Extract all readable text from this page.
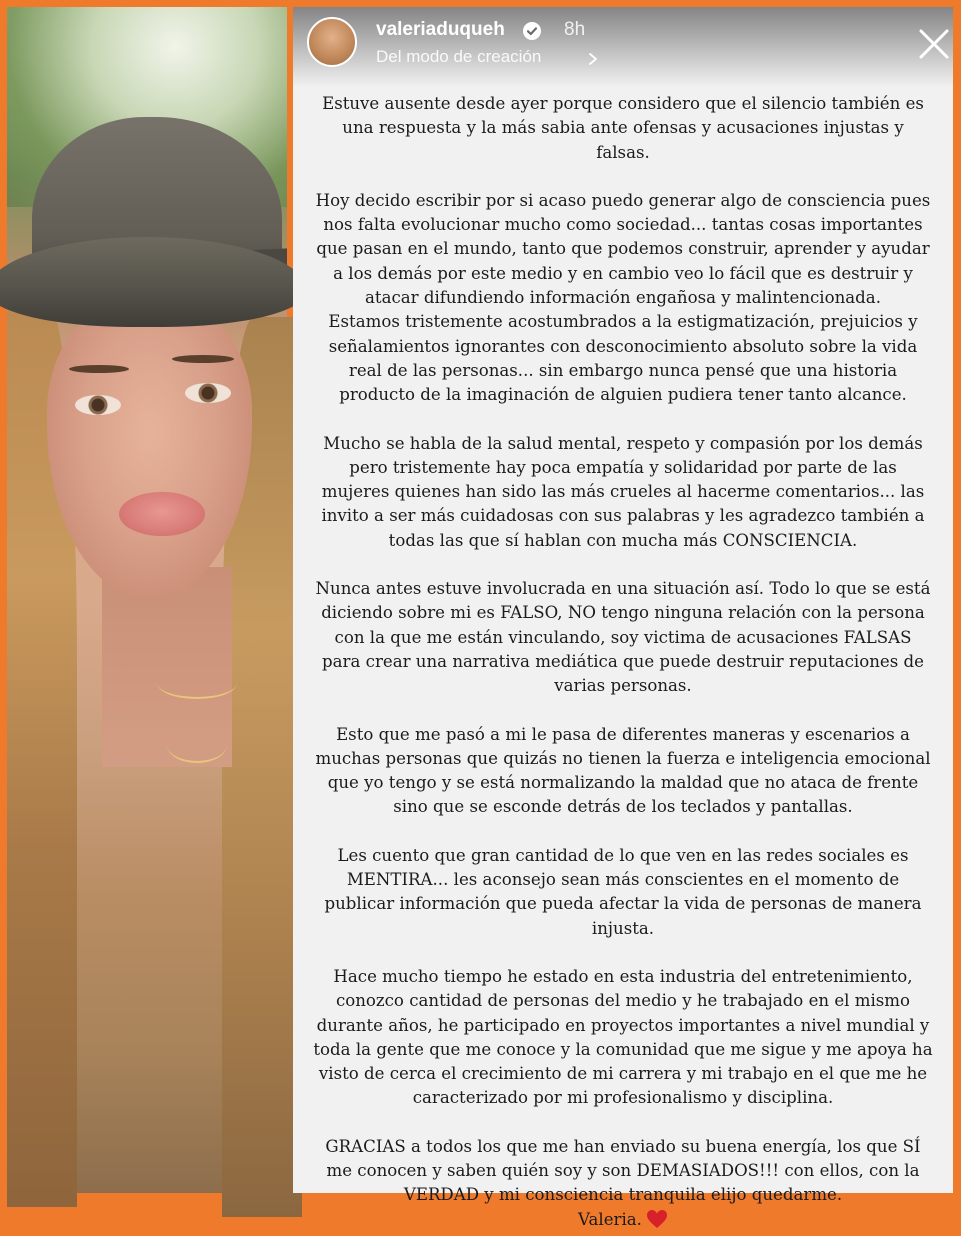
valeriaduqueh	8h
Del modo de creación

Estuve ausente desde ayer porque considero que el silencio también es una respuesta y la más sabia ante ofensas y acusaciones injustas y falsas.

Hoy decido escribir por si acaso puedo generar algo de consciencia pues nos falta evolucionar mucho como sociedad... tantas cosas importantes que pasan en el mundo, tanto que podemos construir, aprender y ayudar a los demás por este medio y en cambio veo lo fácil que es destruir y atacar difundiendo información engañosa y malintencionada.

Estamos tristemente acostumbrados a la estigmatización, prejuicios y señalamientos ignorantes con desconocimiento absoluto sobre la vida real de las personas... sin embargo nunca pensé que una historia producto de la imaginación de alguien pudiera tener tanto alcance.

Mucho se habla de la salud mental, respeto y compasión por los demás pero tristemente hay poca empatía y solidaridad por parte de las mujeres quienes han sido las más crueles al hacerme comentarios... las invito a ser más cuidadosas con sus palabras y les agradezco también a todas las que sí hablan con mucha más CONSCIENCIA.

Nunca antes estuve involucrada en una situación así. Todo lo que se está diciendo sobre mi es FALSO, NO tengo ninguna relación con la persona con la que me están vinculando, soy victima de acusaciones FALSAS para crear una narrativa mediática que puede destruir reputaciones de varias personas.

Esto que me pasó a mi le pasa de diferentes maneras y escenarios a muchas personas que quizás no tienen la fuerza e inteligencia emocional que yo tengo y se está normalizando la maldad que no ataca de frente sino que se esconde detrás de los teclados y pantallas.

Les cuento que gran cantidad de lo que ven en las redes sociales es MENTIRA... les aconsejo sean más conscientes en el momento de publicar información que pueda afectar la vida de personas de manera injusta.

Hace mucho tiempo he estado en esta industria del entretenimiento, conozco cantidad de personas del medio y he trabajado en el mismo durante años, he participado en proyectos importantes a nivel mundial y toda la gente que me conoce y la comunidad que me sigue y me apoya ha visto de cerca el crecimiento de mi carrera y mi trabajo en el que me he caracterizado por mi profesionalismo y disciplina.

GRACIAS a todos los que me han enviado su buena energía, los que SÍ me conocen y saben quién soy y son DEMASIADOS!!! con ellos, con la VERDAD y mi consciencia tranquila elijo quedarme.

Valeria.
